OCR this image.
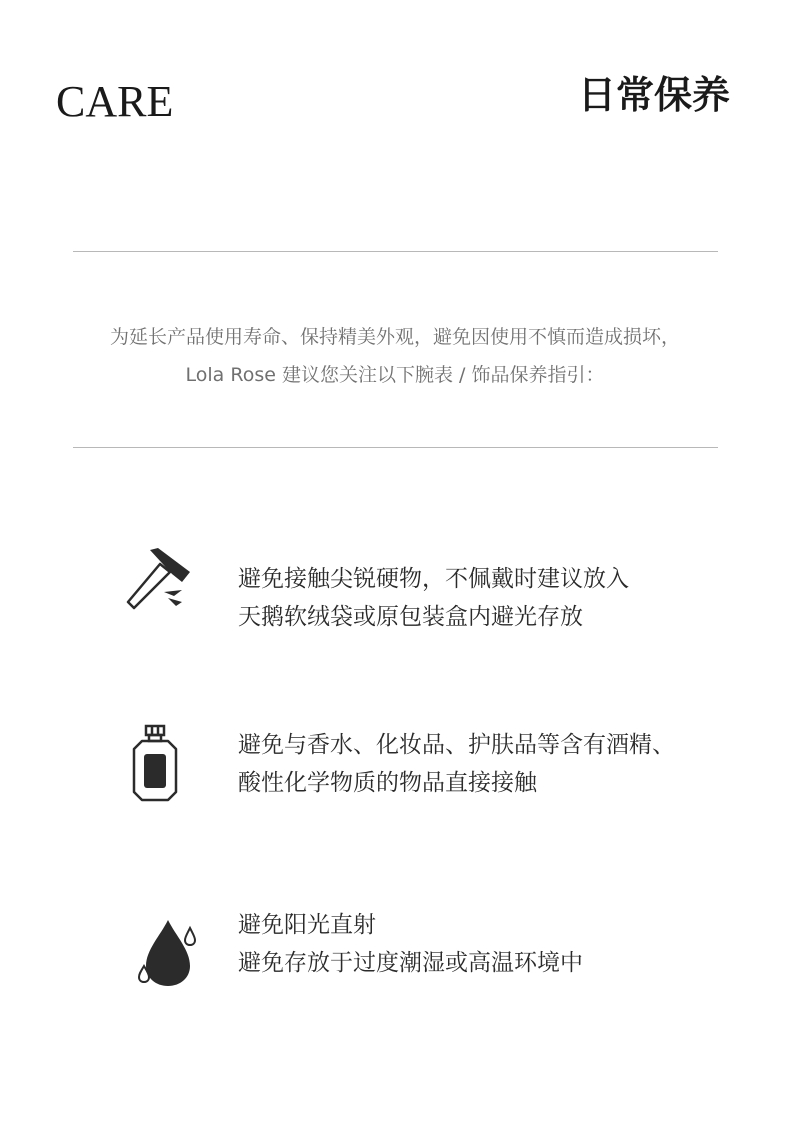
CARE	日常保养
为延长产品使用寿命、保持精美外观，避免因使用不慎而造成损坏，
Lola Rose 建议您关注以下腕表 / 饰品保养指引：
避免接触尖锐硬物，不佩戴时建议放入
天鹅软绒袋或原包装盒内避光存放
避免与香水、化妆品、护肤品等含有酒精、
酸性化学物质的物品直接接触
避免阳光直射
避免存放于过度潮湿或高温环境中
